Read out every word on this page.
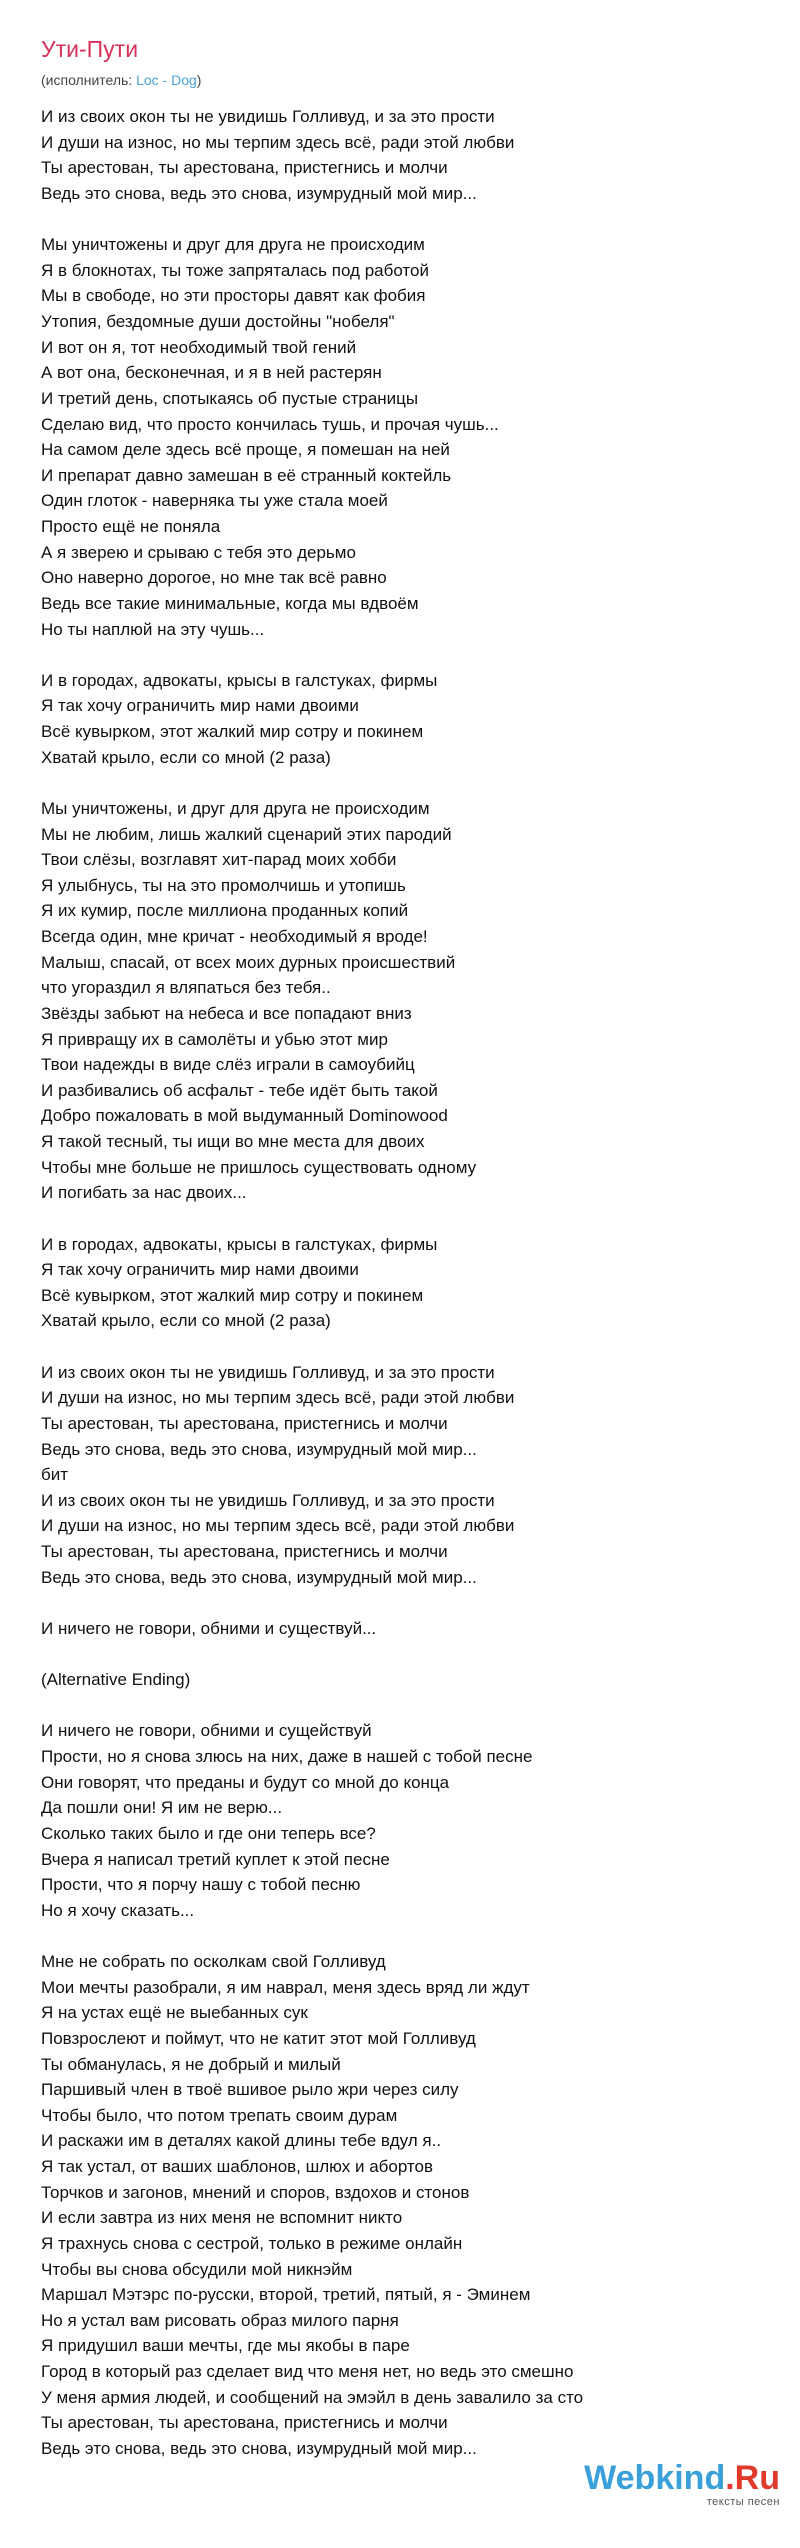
Ути-Пути
(исполнитель: Loc - Dog)
И из своих окон ты не увидишь Голливуд, и за это прости
И души на износ, но мы терпим здесь всё, ради этой любви
Ты арестован, ты арестована, пристегнись и молчи
Ведь это снова, ведь это снова, изумрудный мой мир...
Мы уничтожены и друг для друга не происходим
Я в блокнотах, ты тоже запряталась под работой
Мы в свободе, но эти просторы давят как фобия
Утопия, бездомные души достойны "нобеля"
И вот он я, тот необходимый твой гений
А вот она, бесконечная, и я в ней растерян
И третий день, спотыкаясь об пустые страницы
Сделаю вид, что просто кончилась тушь, и прочая чушь...
На самом деле здесь всё проще, я помешан на ней
И препарат давно замешан в её странный коктейль
Один глоток - наверняка ты уже стала моей
Просто ещё не поняла
А я зверею и срываю с тебя это дерьмо
Оно наверно дорогое, но мне так всё равно
Ведь все такие минимальные, когда мы вдвоём
Но ты наплюй на эту чушь...
И в городах, адвокаты, крысы в галстуках, фирмы
Я так хочу ограничить мир нами двоими
Всё кувырком, этот жалкий мир сотру и покинем
Хватай крыло, если со мной (2 раза)
Мы уничтожены, и друг для друга не происходим
Мы не любим, лишь жалкий сценарий этих пародий
Твои слёзы, возглавят хит-парад моих хобби
Я улыбнусь, ты на это промолчишь и утопишь
Я их кумир, после миллиона проданных копий
Всегда один, мне кричат - необходимый я вроде!
Малыш, спасай, от всех моих дурных происшествий
что угораздил я вляпаться без тебя..
Звёзды забьют на небеса и все попадают вниз
Я привращу их в самолёты и убью этот мир
Твои надежды в виде слёз играли в самоубийц
И разбивались об асфальт - тебе идёт быть такой
Добро пожаловать в мой выдуманный Dominowood
Я такой тесный, ты ищи во мне места для двоих
Чтобы мне больше не пришлось существовать одному
И погибать за нас двоих...
И в городах, адвокаты, крысы в галстуках, фирмы
Я так хочу ограничить мир нами двоими
Всё кувырком, этот жалкий мир сотру и покинем
Хватай крыло, если со мной (2 раза)
И из своих окон ты не увидишь Голливуд, и за это прости
И души на износ, но мы терпим здесь всё, ради этой любви
Ты арестован, ты арестована, пристегнись и молчи
Ведь это снова, ведь это снова, изумрудный мой мир...
бит
И из своих окон ты не увидишь Голливуд, и за это прости
И души на износ, но мы терпим здесь всё, ради этой любви
Ты арестован, ты арестована, пристегнись и молчи
Ведь это снова, ведь это снова, изумрудный мой мир...
И ничего не говори, обними и существуй...
(Alternative Ending)
И ничего не говори, обними и сущействуй
Прости, но я снова злюсь на них, даже в нашей с тобой песне
Они говорят, что преданы и будут со мной до конца
Да пошли они! Я им не верю...
Сколько таких было и где они теперь все?
Вчера я написал третий куплет к этой песне
Прости, что я порчу нашу с тобой песню
Но я хочу сказать...
Мне не собрать по осколкам свой Голливуд
Мои мечты разобрали, я им наврал, меня здесь вряд ли ждут
Я на устах ещё не выебанных сук
Повзрослеют и поймут, что не катит этот мой Голливуд
Ты обманулась, я не добрый и милый
Паршивый член в твоё вшивое рыло жри через силу
Чтобы было, что потом трепать своим дурам
И раскажи им в деталях какой длины тебе вдул я..
Я так устал, от ваших шаблонов, шлюх и абортов
Торчков и загонов, мнений и споров, вздохов и стонов
И если завтра из них меня не вспомнит никто
Я трахнусь снова с сестрой, только в режиме онлайн
Чтобы вы снова обсудили мой никнэйм
Маршал Мэтэрс по-русски, второй, третий, пятый, я - Эминем
Но я устал вам рисовать образ милого парня
Я придушил ваши мечты, где мы якобы в паре
Город в который раз сделает вид что меня нет, но ведь это смешно
У меня армия людей, и сообщений на эмэйл в день завалило за сто
Ты арестован, ты арестована, пристегнись и молчи
Ведь это снова, ведь это снова, изумрудный мой мир...
Webkind.Ru
тексты песен
